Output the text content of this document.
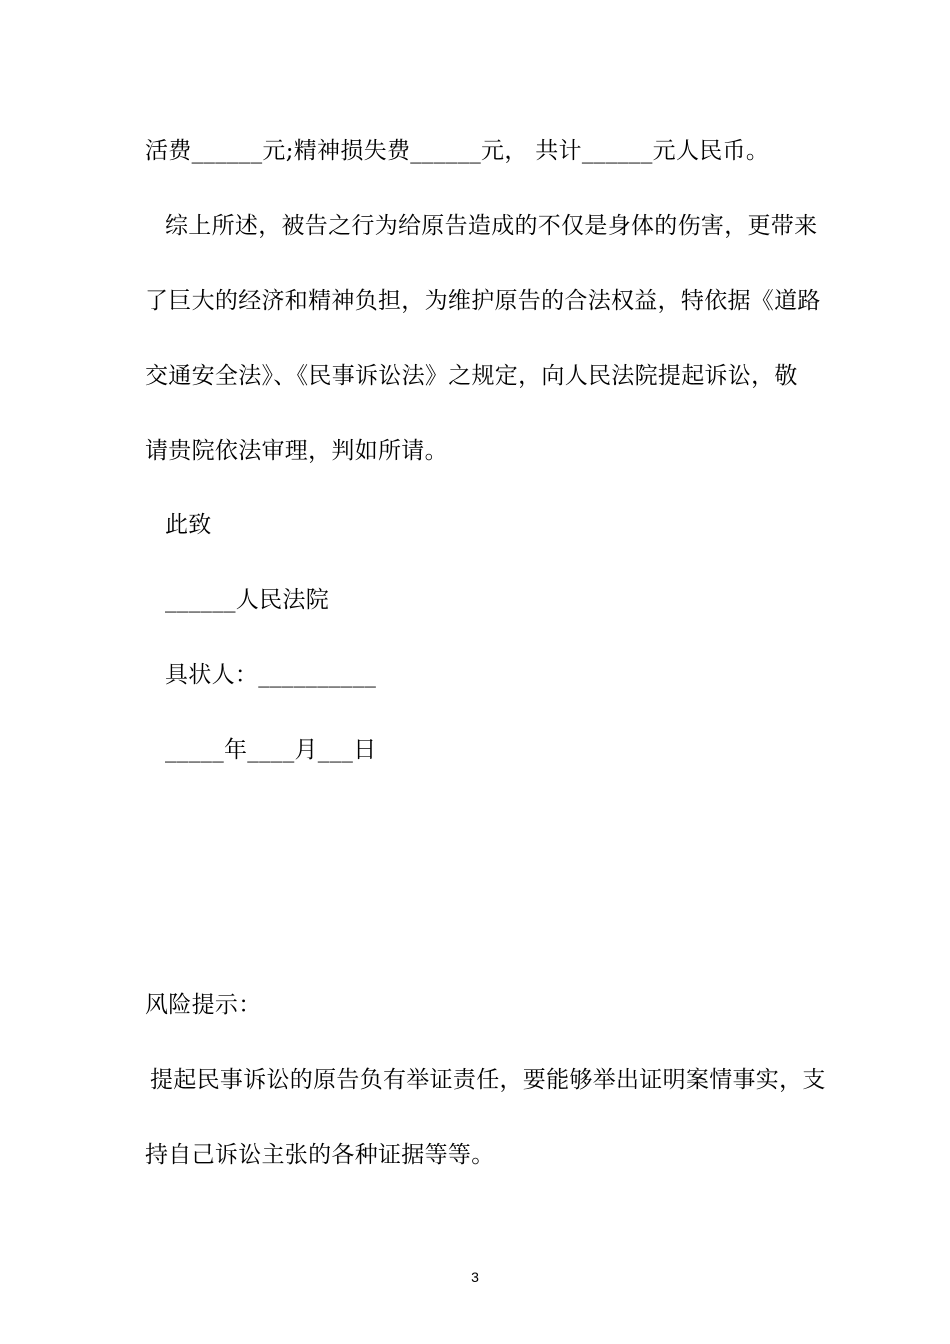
活费______元;精神损失费______元， 共计______元人民币。
综上所述，被告之行为给原告造成的不仅是身体的伤害，更带来
了巨大的经济和精神负担，为维护原告的合法权益，特依据《道路
交通安全法》、《民事诉讼法》之规定，向人民法院提起诉讼，敬
请贵院依法审理，判如所请。
此致
______人民法院
具状人：__________
_____年____月___日
风险提示：
提起民事诉讼的原告负有举证责任，要能够举出证明案情事实，支
持自己诉讼主张的各种证据等等。
3
